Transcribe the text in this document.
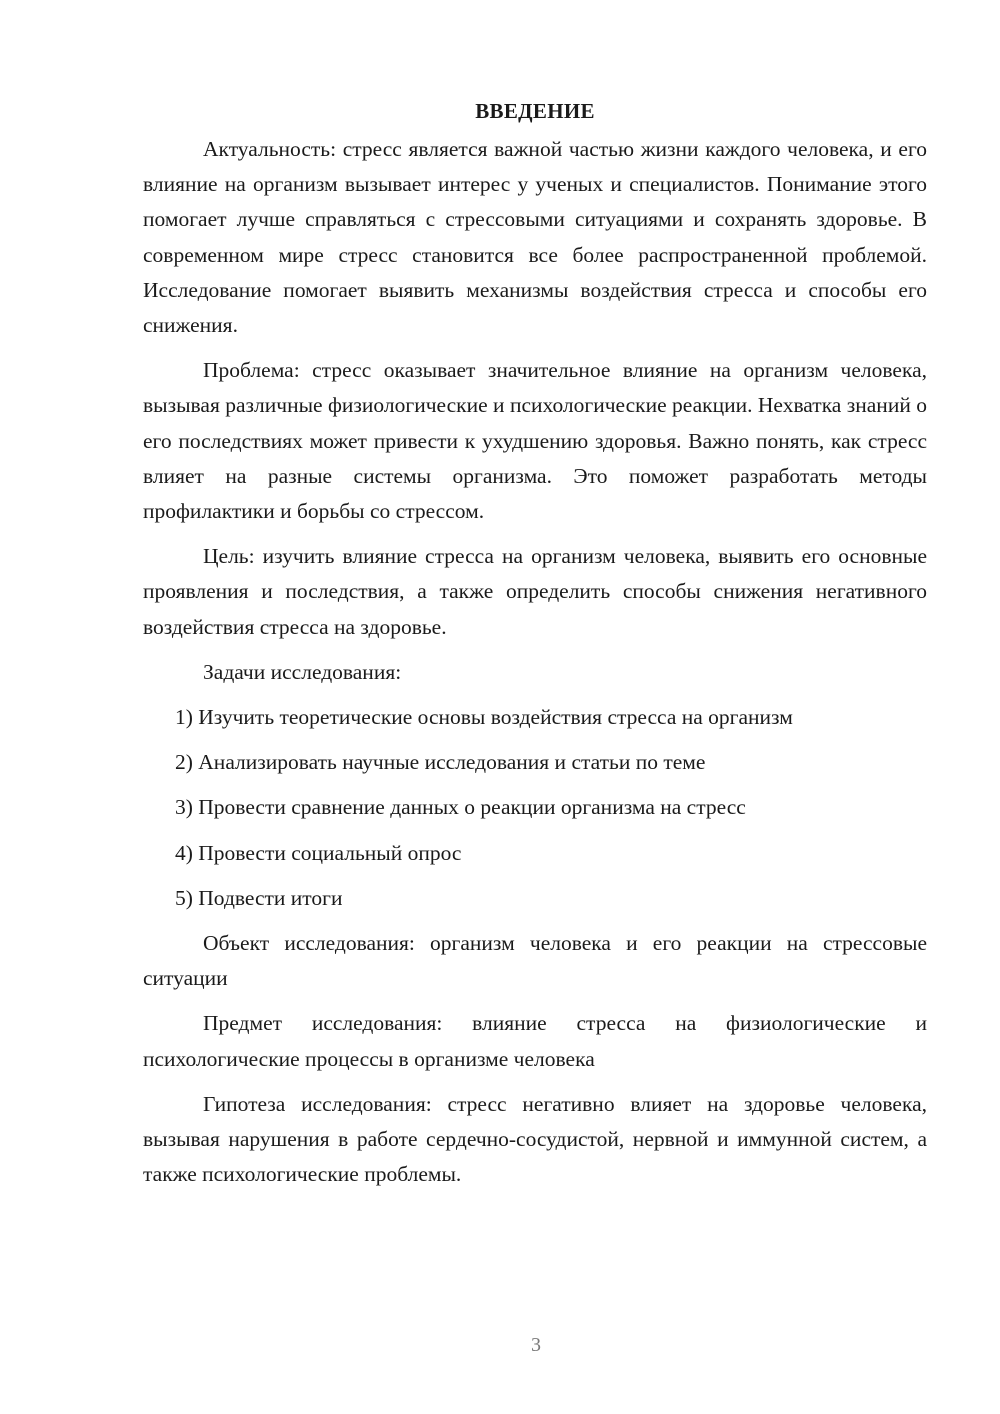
ВВЕДЕНИЕ

Актуальность: стресс является важной частью жизни каждого человека, и его влияние на организм вызывает интерес у ученых и специалистов. Понимание этого помогает лучше справляться с стрессовыми ситуациями и сохранять здоровье. В современном мире стресс становится все более распространенной проблемой. Исследование помогает выявить механизмы воздействия стресса и способы его снижения.

Проблема: стресс оказывает значительное влияние на организм человека, вызывая различные физиологические и психологические реакции. Нехватка знаний о его последствиях может привести к ухудшению здоровья. Важно понять, как стресс влияет на разные системы организма. Это поможет разработать методы профилактики и борьбы со стрессом.

Цель: изучить влияние стресса на организм человека, выявить его основные проявления и последствия, а также определить способы снижения негативного воздействия стресса на здоровье.

Задачи исследования:

1) Изучить теоретические основы воздействия стресса на организм

2) Анализировать научные исследования и статьи по теме

3) Провести сравнение данных о реакции организма на стресс

4) Провести социальный опрос

5) Подвести итоги

Объект исследования: организм человека и его реакции на стрессовые ситуации

Предмет исследования: влияние стресса на физиологические и психологические процессы в организме человека

Гипотеза исследования: стресс негативно влияет на здоровье человека, вызывая нарушения в работе сердечно-сосудистой, нервной и иммунной систем, а также психологические проблемы.

3
